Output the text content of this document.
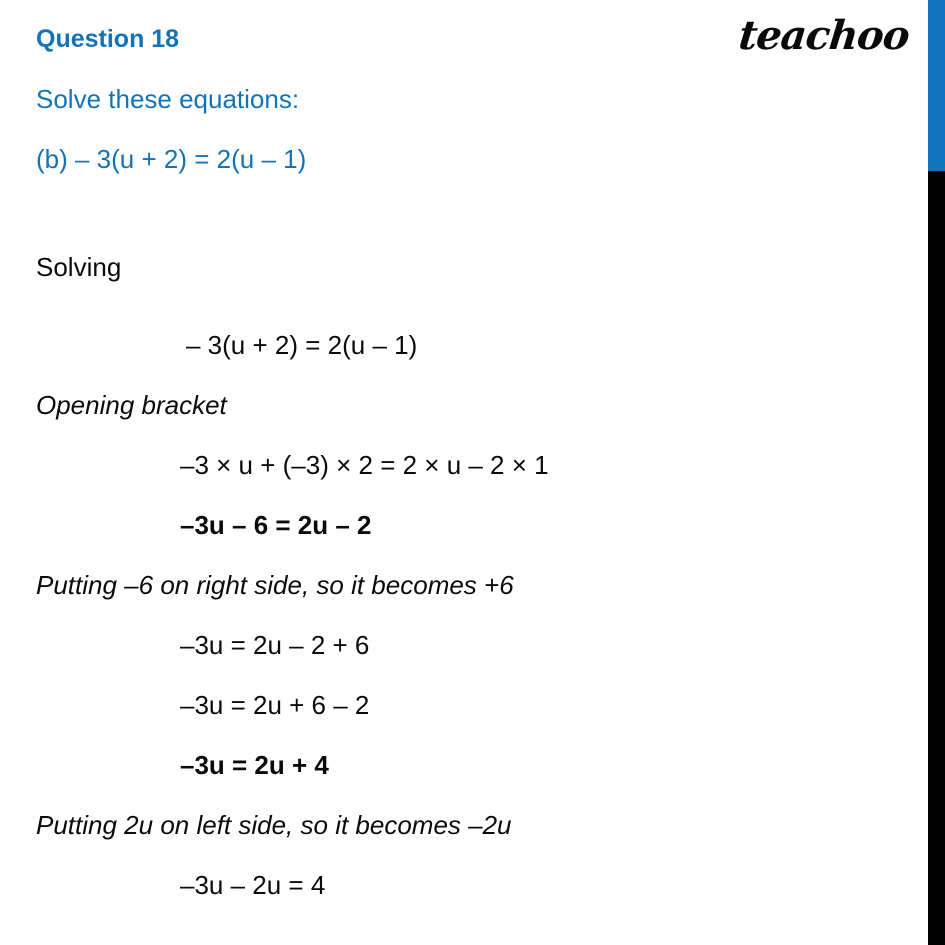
teachoo
Question 18
Solve these equations:
(b) – 3(u + 2) = 2(u – 1)
Solving
– 3(u + 2) = 2(u – 1)
Opening bracket
–3 × u + (–3) × 2 = 2 × u – 2 × 1
–3u – 6 = 2u – 2
Putting –6 on right side, so it becomes +6
–3u = 2u – 2 + 6
–3u = 2u + 6 – 2
–3u = 2u + 4
Putting 2u on left side, so it becomes –2u
–3u – 2u = 4
